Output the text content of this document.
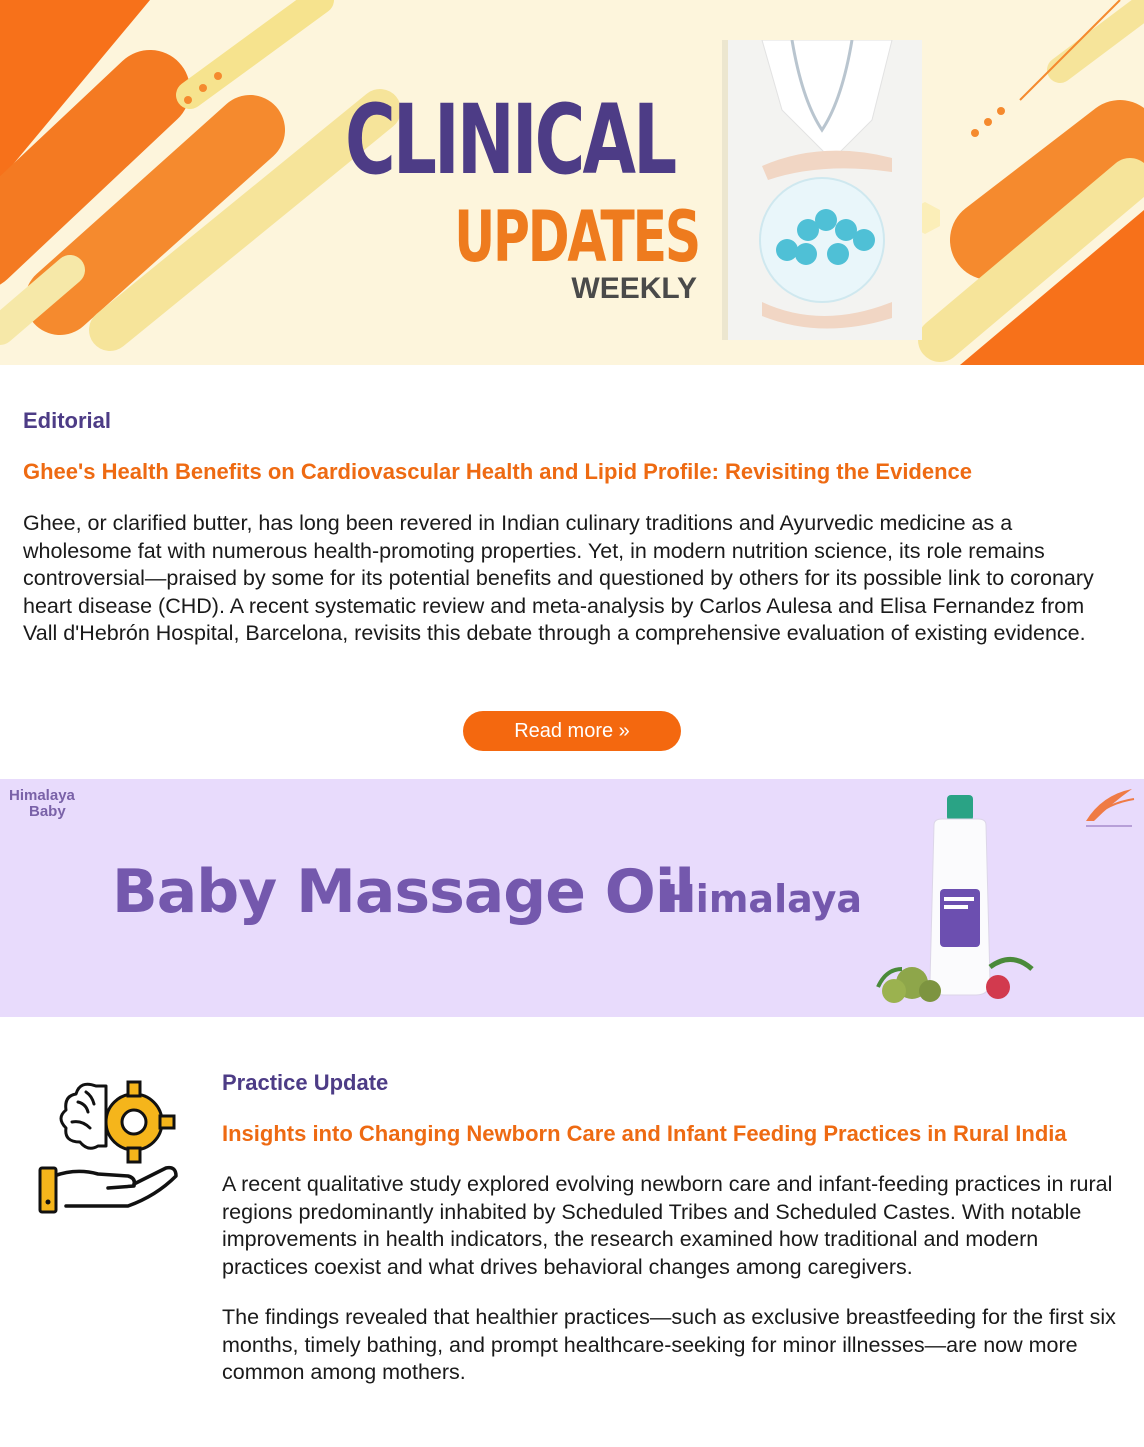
CLINICAL
UPDATES
WEEKLY
Editorial
Ghee's Health Benefits on Cardiovascular Health and Lipid Profile: Revisiting the Evidence

Ghee, or clarified butter, has long been revered in Indian culinary traditions and Ayurvedic medicine as a wholesome fat with numerous health-promoting properties. Yet, in modern nutrition science, its role remains controversial—praised by some for its potential benefits and questioned by others for its possible link to coronary heart disease (CHD). A recent systematic review and meta-analysis by Carlos Aulesa and Elisa Fernandez from Vall d'Hebrón Hospital, Barcelona, revisits this debate through a comprehensive evaluation of existing evidence.

Read more »
Himalaya
Baby
Baby Massage Oil
Himalaya
Practice Update
Insights into Changing Newborn Care and Infant Feeding Practices in Rural India

A recent qualitative study explored evolving newborn care and infant-feeding practices in rural regions predominantly inhabited by Scheduled Tribes and Scheduled Castes. With notable improvements in health indicators, the research examined how traditional and modern practices coexist and what drives behavioral changes among caregivers.

The findings revealed that healthier practices—such as exclusive breastfeeding for the first six months, timely bathing, and prompt healthcare-seeking for minor illnesses—are now more common among mothers.
